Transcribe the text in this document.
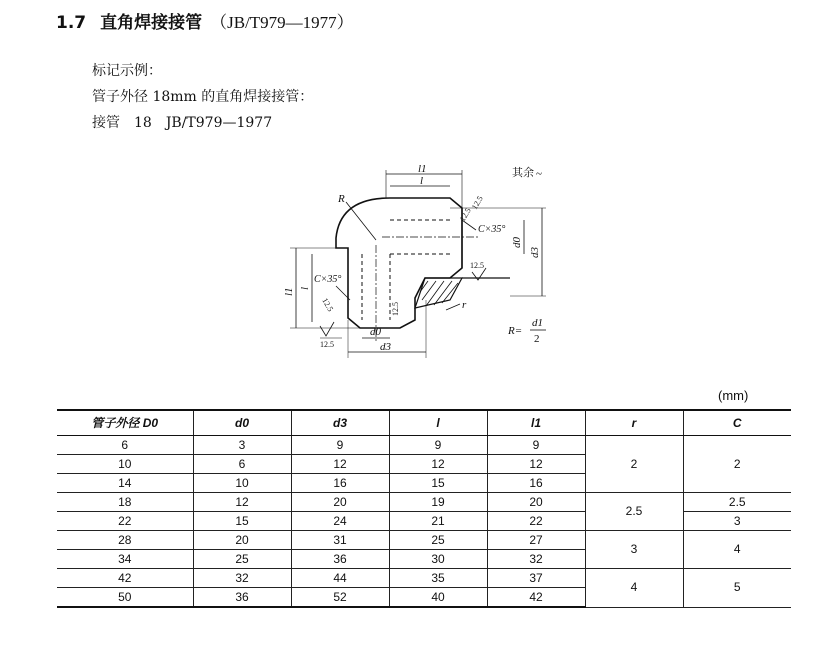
1.7 直角焊接接管 （JB/T979—1977）
标记示例：
管子外径 18mm 的直角焊接接管：
接管　18　JB/T979—1977
其余 ~
R
l1
l
C×35°
12.5
12.5
d0
d3
12.5
l1 l
C×35°
12.5	12.5
12.5
r
d0
d3
R=
d1
2
(mm)
管子外径 D0	d0	d3	l	l1	r	C
6	3	9	9	9	2	2
10	6	12	12	12		
14	10	16	15	16		
18	12	20	19	20	2.5	2.5
22	15	24	21	22		3
28	20	31	25	27	3	4
34	25	36	30	32		
42	32	44	35	37	4	5
50	36	52	40	42		
